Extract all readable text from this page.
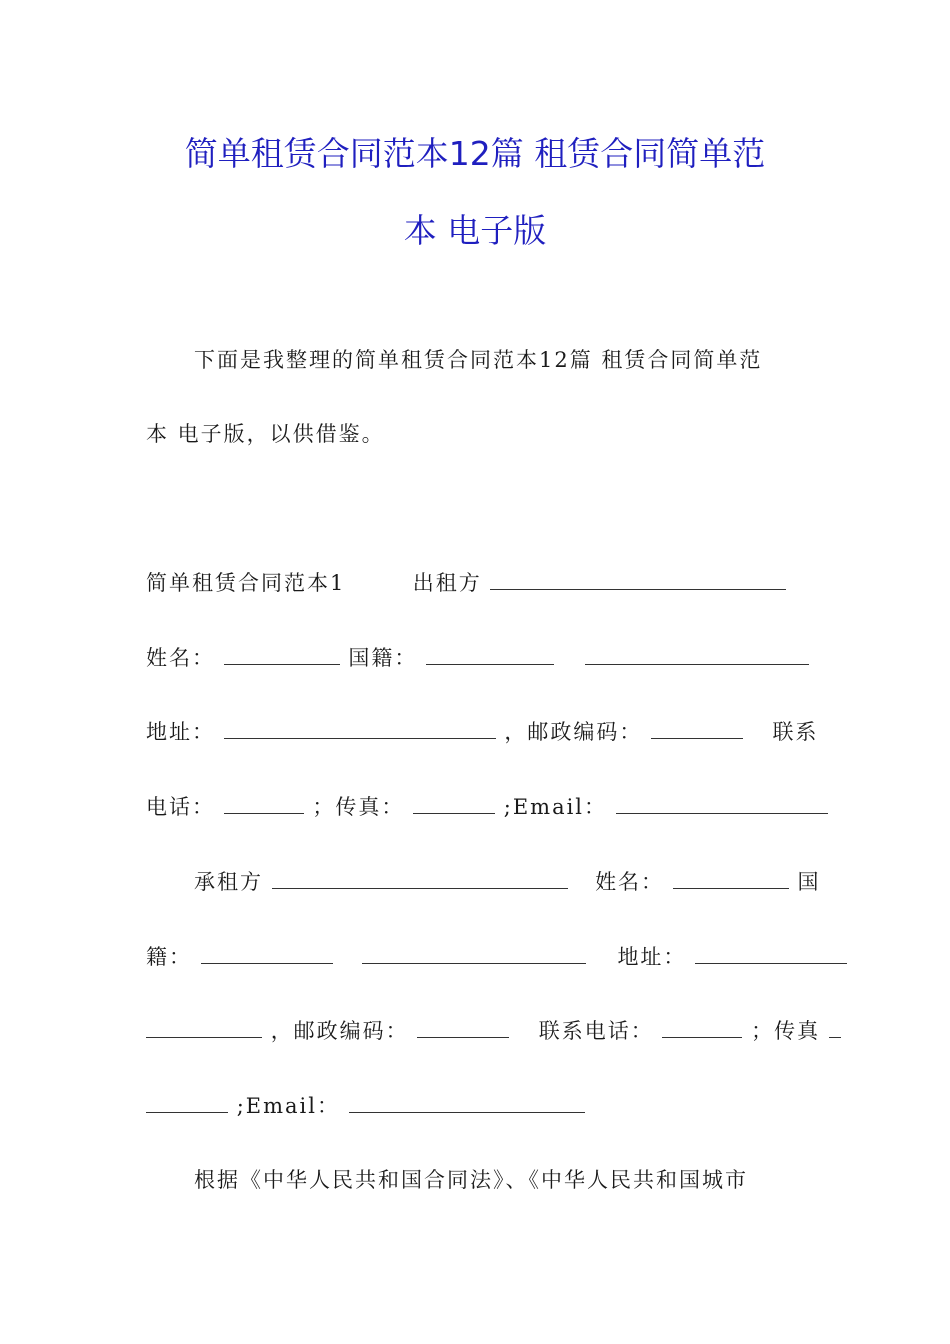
简单租赁合同范本12篇 租赁合同简单范
本 电子版
下面是我整理的简单租赁合同范本12篇 租赁合同简单范
本 电子版，以供借鉴。
简单租赁合同范本1	出租方
姓名：	国籍：
地址：	，邮政编码：	联系
电话：	；传真：	;Email：
承租方	姓名：	国
籍：	地址：
，邮政编码：	联系电话：	；传真
;Email：
根据《中华人民共和国合同法》、《中华人民共和国城市
